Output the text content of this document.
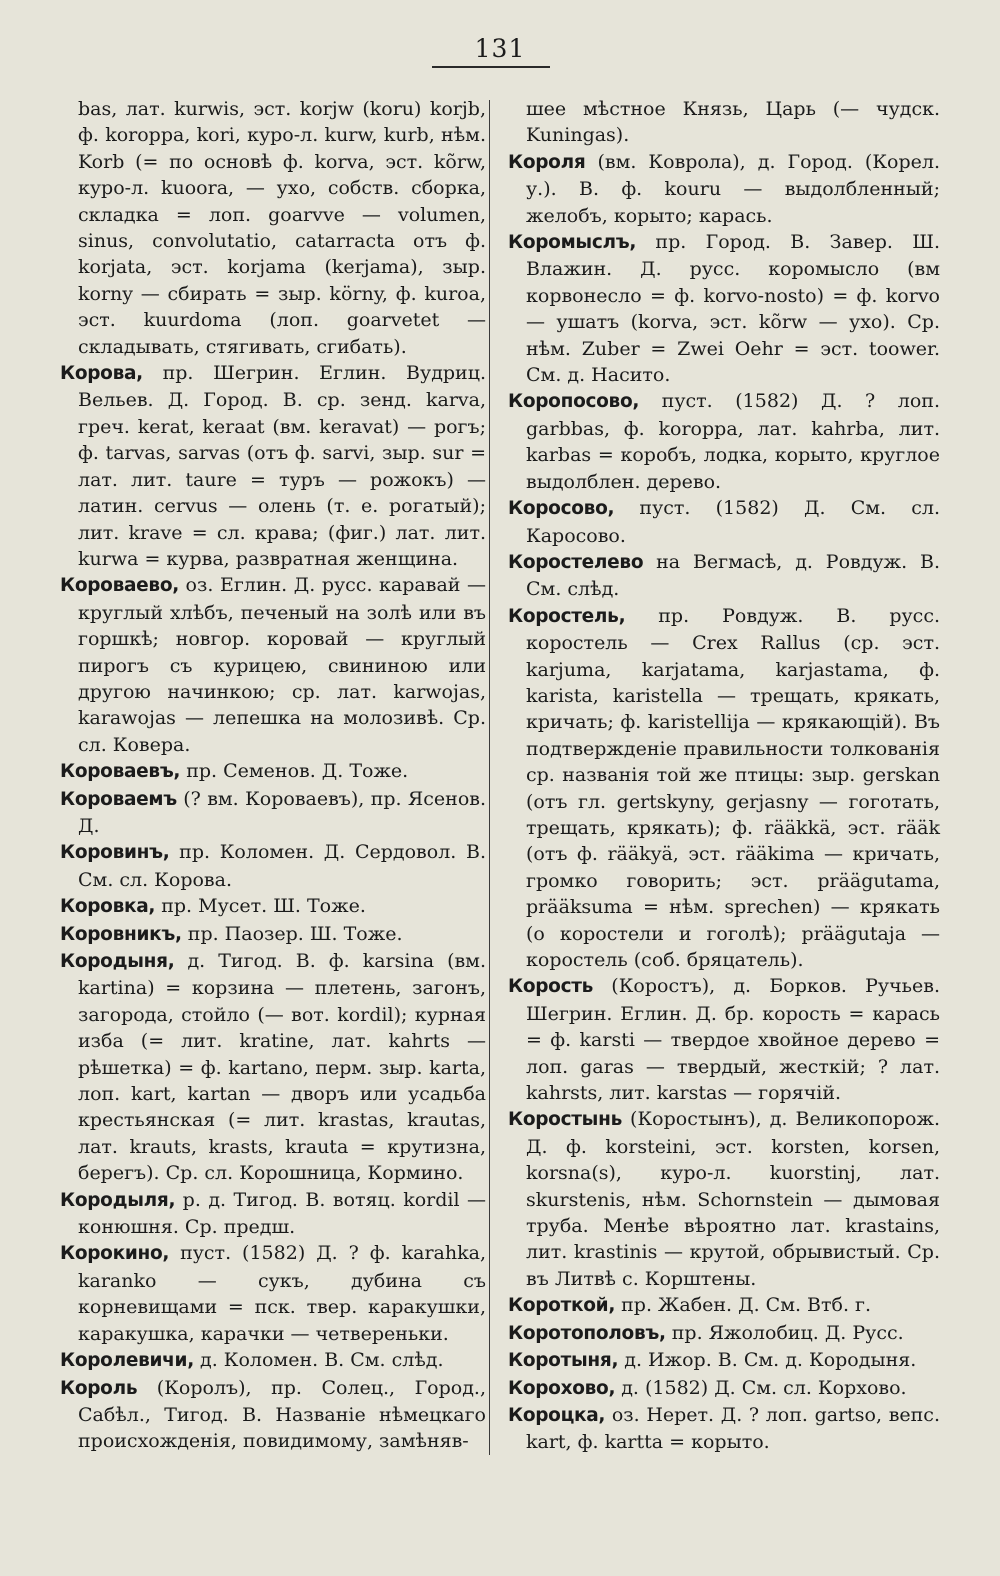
131

bas, лат. kurwis, эст. korjw (koru) korjb, ф. korоppa, kori, куро-л. kurw, kurb, нѣм. Korb (= по основѣ ф. korva, эст. kõrw, куро-л. kuoora, — ухо, собств. сборка, складка = лоп. goarvve — volumen, sinus, convolutatio, catarracta отъ ф. korjata, эст. korjama (kerjama), зыр. korny — сбирать = зыр. körny, ф. kuroa, эст. kuurdoma (лоп. goarvetet — складывать, стягивать, сгибать).

Корова, пр. Шегрин. Еглин. Вудриц. Вельев. Д. Город. В. ср. зенд. karva, греч. kerat, keraat (вм. keravat) — рогъ; ф. tarvas, sarvas (отъ ф. sarvi, зыр. sur = лат. лит. taure = туръ — рожокъ) — латин. cervus — олень (т. е. рогатый); лит. krave = сл. крава; (фиг.) лат. лит. kurwa = курва, развратная женщина.

Короваево, оз. Еглин. Д. русс. каравай — круглый хлѣбъ, печеный на золѣ или въ горшкѣ; новгор. коровай — круглый пирогъ съ курицею, свининою или другою начинкою; ср. лат. karwojas, karawojas — лепешка на молозивѣ. Ср. сл. Ковера.

Короваевъ, пр. Семенов. Д. Тоже.

Короваемъ (? вм. Короваевъ), пр. Ясенов. Д.

Коровинъ, пр. Коломен. Д. Сердовол. В. См. сл. Корова.

Коровка, пр. Мусет. Ш. Тоже.

Коровникъ, пр. Паозер. Ш. Тоже.

Кородыня, д. Тигод. В. ф. karsina (вм. kartina) = корзина — плетень, загонъ, загорода, стойло (— вот. kordil); курная изба (= лит. kratine, лат. kahrts — рѣшетка) = ф. kartano, перм. зыр. karta, лоп. kart, kartan — дворъ или усадьба крестьянская (= лит. krastas, krautas, лат. krauts, krasts, krauta = крутизна, берегъ). Ср. сл. Корошница, Кормино.

Кородыля, р. д. Тигод. В. вотяц. kordil — конюшня. Ср. предш.

Корокино, пуст. (1582) Д. ? ф. karahka, karanko — сукъ, дубина съ корневищами = пск. твер. каракушки, каракушка, карачки — четвереньки.

Королевичи, д. Коломен. В. См. слѣд.

Король (Королъ), пр. Солец., Город., Сабѣл., Тигод. В. Названіе нѣмецкаго происхожденія, повидимому, замѣняв-

шее мѣстное Князь, Царь (— чудск. Kuningas).

Короля (вм. Коврола), д. Город. (Корел. у.). В. ф. kouru — выдолбленный; желобъ, корыто; карась.

Коромыслъ, пр. Город. В. Завер. Ш. Влажин. Д. русс. коромысло (вм корвонесло = ф. korvo-nosto) = ф. korvo — ушатъ (korva, эст. kõrw — ухо). Ср. нѣм. Zuber = Zwei Oehr = эст. toower. См. д. Насито.

Коропосово, пуст. (1582) Д. ? лоп. garbbas, ф. korоppa, лат. kahrba, лит. karbas = коробъ, лодка, корыто, круглое выдолблен. дерево.

Коросово, пуст. (1582) Д. См. сл. Каросово.

Коростелево на Вегмасѣ, д. Ровдуж. В. См. слѣд.

Коростель, пр. Ровдуж. В. русс. коростель — Crex Rallus (ср. эст. karjuma, karjatama, karjastama, ф. karista, karistella — трещать, крякать, кричать; ф. karistellija — крякающій). Въ подтвержденіе правильности толкованія ср. названія той же птицы: зыр. gerskan (отъ гл. gertskyny, gerjasny — гоготать, трещать, крякать); ф. rääkkä, эст. rääk (отъ ф. rääkyä, эст. rääkima — кричать, громко говорить; эст. präägutama, prääksuma = нѣм. sprechen) — крякать (о коростели и гоголѣ); präägutaja — коростель (соб. бряцатель).

Корость (Коростъ), д. Борков. Ручьев. Шегрин. Еглин. Д. бр. корость = карась = ф. karsti — твердое хвойное дерево = лоп. garas — твердый, жесткій; ? лат. kahrsts, лит. karstas — горячій.

Коростынь (Коростынъ), д. Великопорож. Д. ф. korsteini, эст. korsten, korsen, korsna(s), куро-л. kuorstinj, лат. skurstenis, нѣм. Schornstein — дымовая труба. Менѣе вѣроятно лат. krastains, лит. krastinis — крутой, обрывистый. Ср. въ Литвѣ с. Корштены.

Короткой, пр. Жабен. Д. См. Втб. г.

Коротополовъ, пр. Яжолобиц. Д. Русс.

Коротыня, д. Ижор. В. См. д. Кородыня.

Корохово, д. (1582) Д. См. сл. Корхово.

Короцка, оз. Нерет. Д. ? лоп. gartso, вепс. kart, ф. kartta = корыто.
